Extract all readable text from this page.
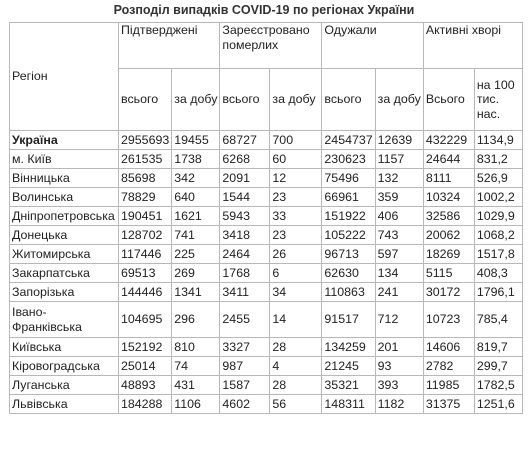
Розподіл випадків COVID-19 по регіонах України
Регіон	Підтверджені		Зареєстровано померлих		Одужали		Активні хворі	
	всього	за добу	всього	за добу	всього	за добу	Всього	на 100 тис. нас.
Україна	2955693	19455	68727	700	2454737	12639	432229	1134,9
м. Київ	261535	1738	6268	60	230623	1157	24644	831,2
Вінницька	85698	342	2091	12	75496	132	8111	526,9
Волинська	78829	640	1544	23	66961	359	10324	1002,2
Дніпропетровська	190451	1621	5943	33	151922	406	32586	1029,9
Донецька	128702	741	3418	23	105222	743	20062	1068,2
Житомирська	117446	225	2464	26	96713	597	18269	1517,8
Закарпатська	69513	269	1768	6	62630	134	5115	408,3
Запорізька	144446	1341	3411	34	110863	241	30172	1796,1
Івано-Франківська	104695	296	2455	14	91517	712	10723	785,4
Київська	152192	810	3327	28	134259	201	14606	819,7
Кіровоградська	25014	74	987	4	21245	93	2782	299,7
Луганська	48893	431	1587	28	35321	393	11985	1782,5
Львівська	184288	1106	4602	56	148311	1182	31375	1251,6
